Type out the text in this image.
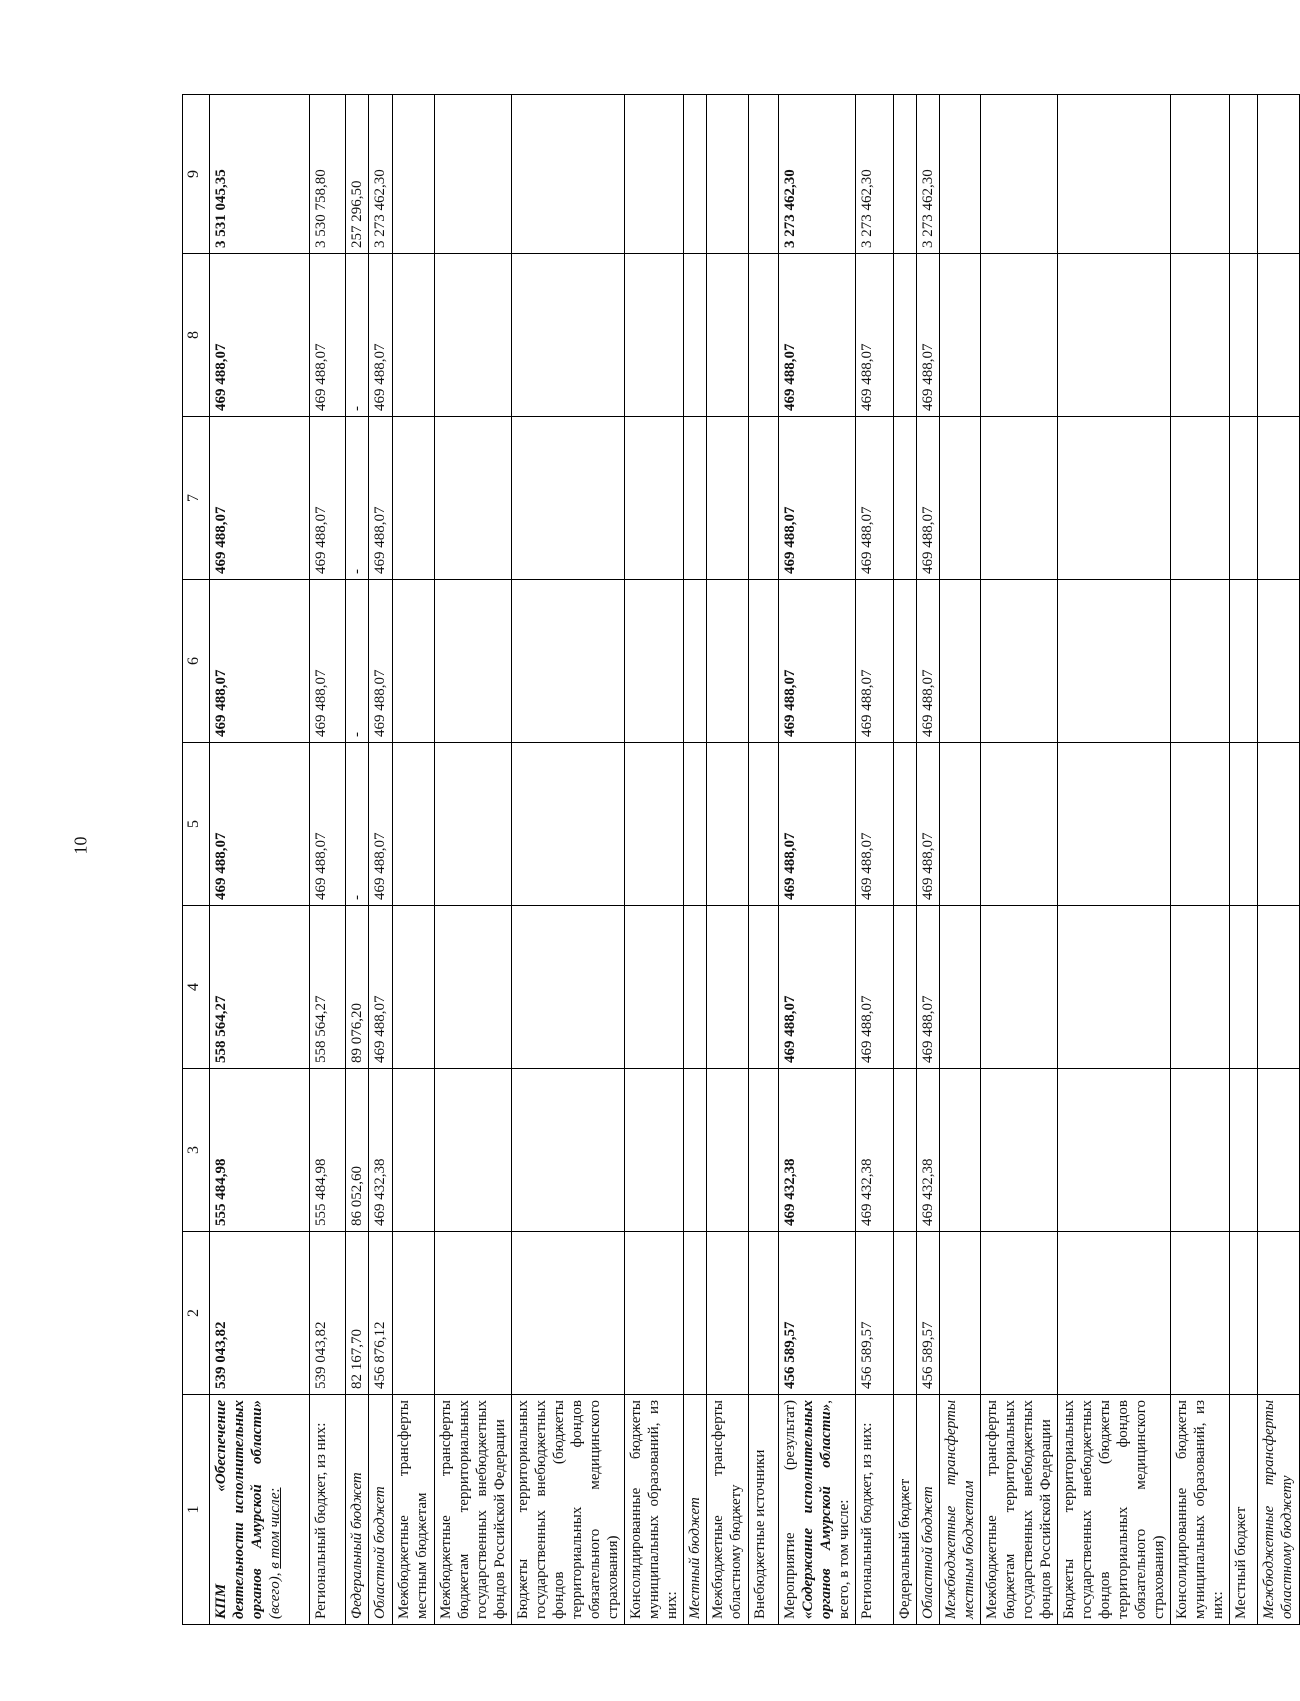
10
1	2	3	4	5	6	7	8	9
КПМ «Обеспечение деятельности исполнительных органов Амурской области» (всего), в том числе:	539 043,82	555 484,98	558 564,27	469 488,07	469 488,07	469 488,07	469 488,07	3 531 045,35
Региональный бюджет, из них:	539 043,82	555 484,98	558 564,27	469 488,07	469 488,07	469 488,07	469 488,07	3 530 758,80
Федеральный бюджет	82 167,70	86 052,60	89 076,20	-	-	-	-	257 296,50
Областной бюджет	456 876,12	469 432,38	469 488,07	469 488,07	469 488,07	469 488,07	469 488,07	3 273 462,30
Межбюджетные трансферты местным бюджетам								
Межбюджетные трансферты бюджетам территориальных государственных внебюджетных фондов Российской Федерации								
Бюджеты территориальных государственных внебюджетных фондов (бюджеты территориальных фондов обязательного медицинского страхования)								
Консолидированные бюджеты муниципальных образований, из них:								
Местный бюджет								
Межбюджетные трансферты областному бюджету								
Внебюджетные источники								
Мероприятие (результат) «Содержание исполнительных органов Амурской области», всего, в том числе:	456 589,57	469 432,38	469 488,07	469 488,07	469 488,07	469 488,07	469 488,07	3 273 462,30
Региональный бюджет, из них:	456 589,57	469 432,38	469 488,07	469 488,07	469 488,07	469 488,07	469 488,07	3 273 462,30
Федеральный бюджет								
Областной бюджет	456 589,57	469 432,38	469 488,07	469 488,07	469 488,07	469 488,07	469 488,07	3 273 462,30
Межбюджетные трансферты местным бюджетам								
Межбюджетные трансферты бюджетам территориальных государственных внебюджетных фондов Российской Федерации								
Бюджеты территориальных государственных внебюджетных фондов (бюджеты территориальных фондов обязательного медицинского страхования)								
Консолидированные бюджеты муниципальных образований, из них:								
Местный бюджет								
Межбюджетные трансферты областному бюджету								
